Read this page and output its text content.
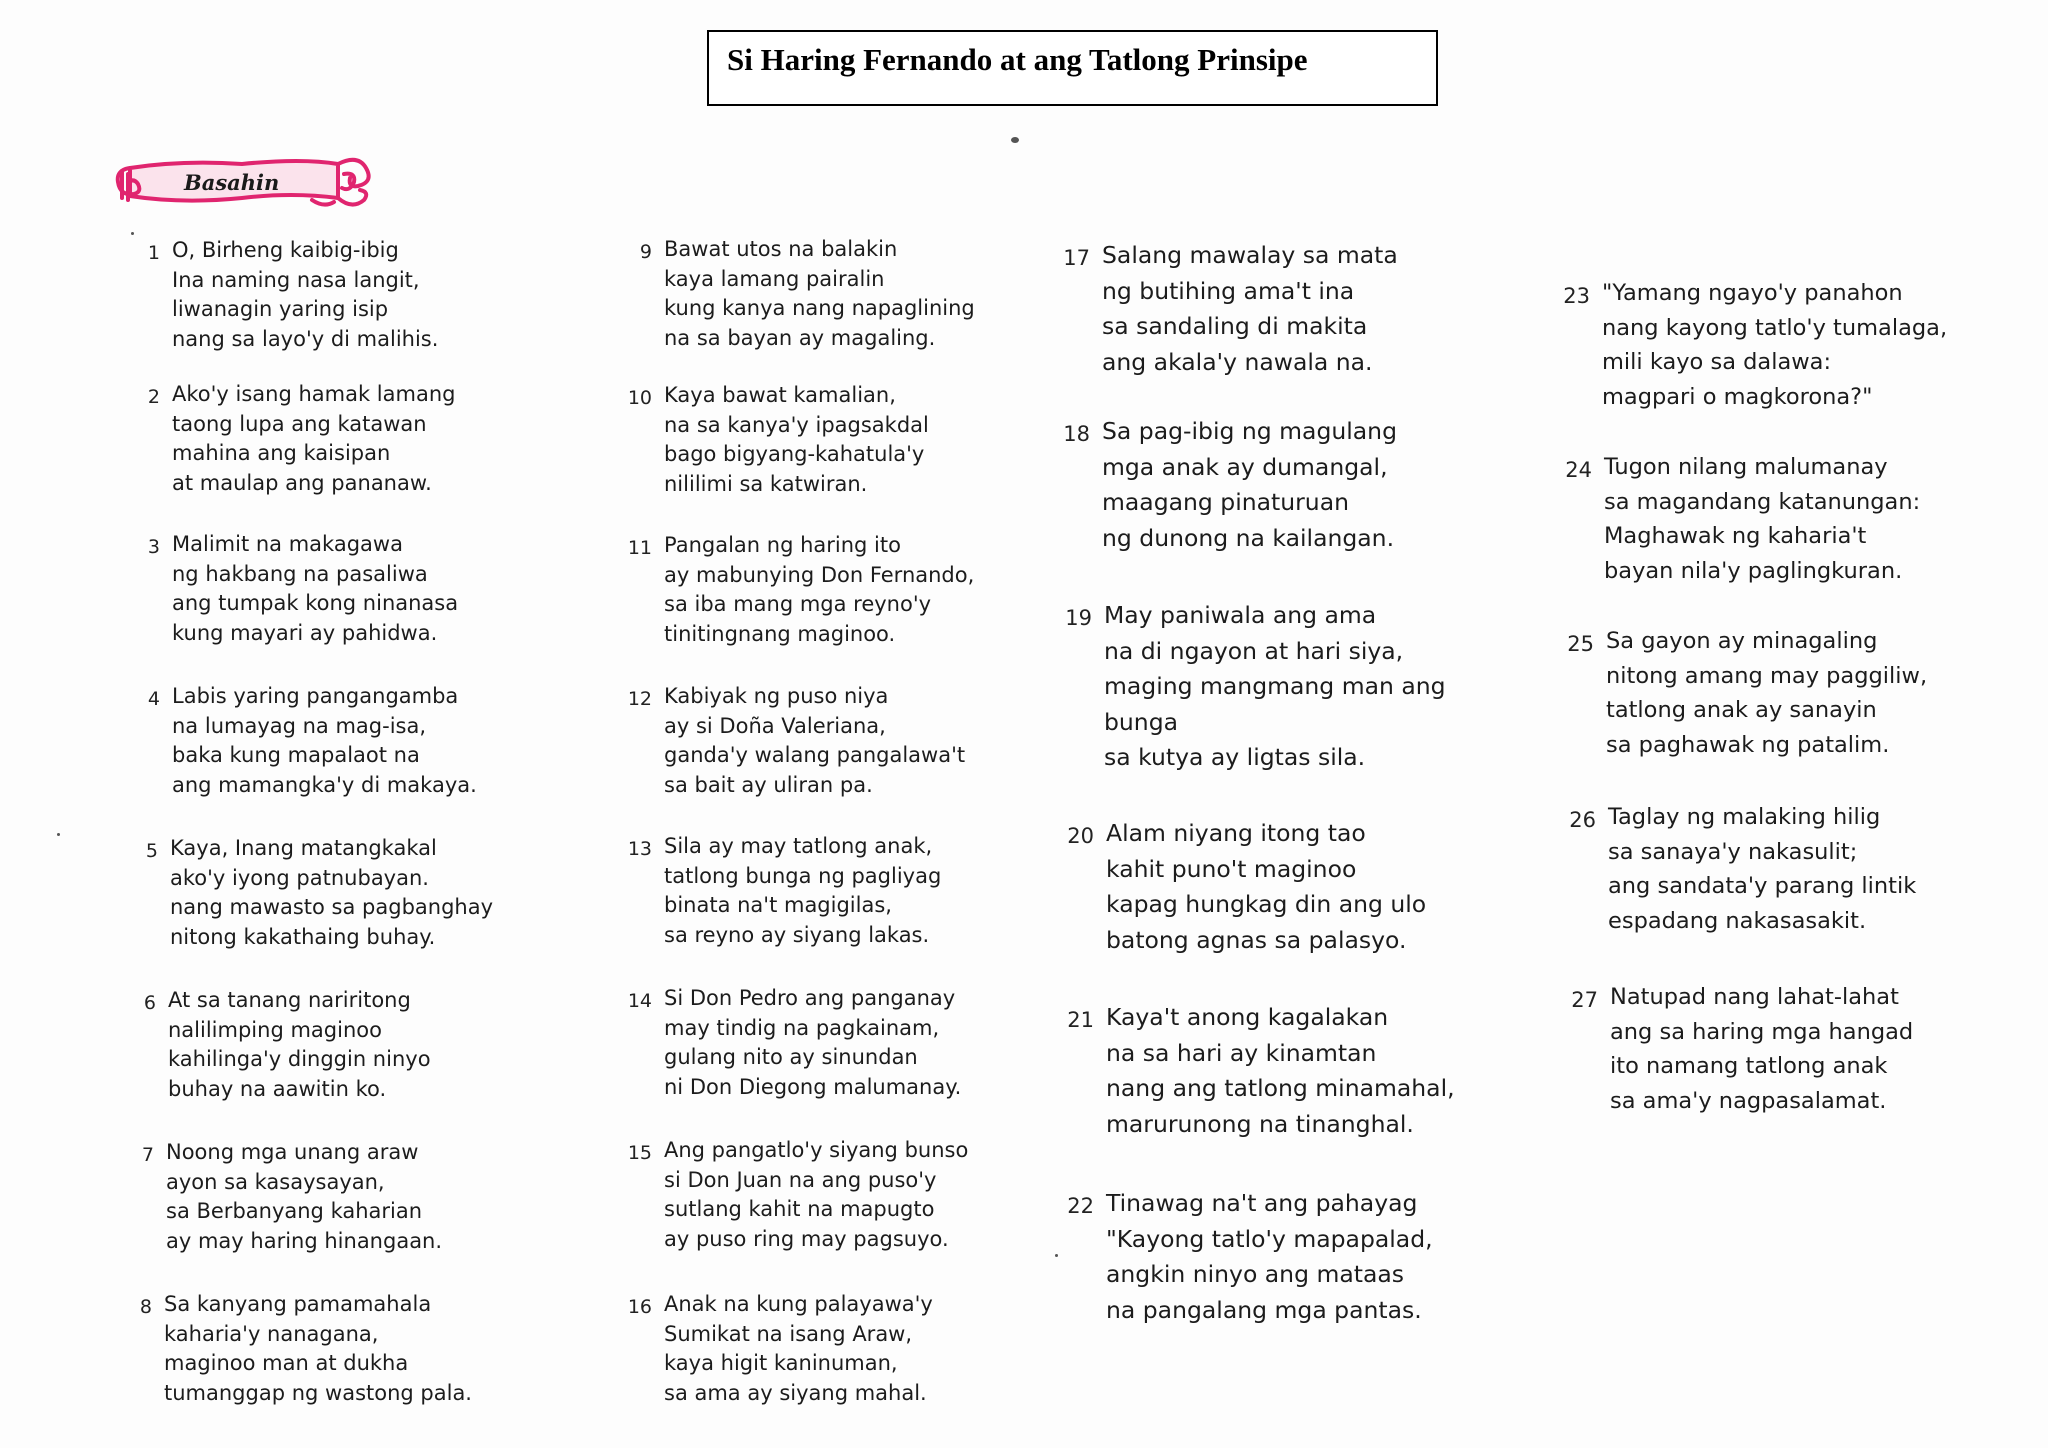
Si Haring Fernando at ang Tatlong Prinsipe
Basahin
1 O, Birheng kaibig-ibig
Ina naming nasa langit,
liwanagin yaring isip
nang sa layo'y di malihis.
2 Ako'y isang hamak lamang
taong lupa ang katawan
mahina ang kaisipan
at maulap ang pananaw.
3 Malimit na makagawa
ng hakbang na pasaliwa
ang tumpak kong ninanasa
kung mayari ay pahidwa.
4 Labis yaring pangangamba
na lumayag na mag-isa,
baka kung mapalaot na
ang mamangka'y di makaya.
5 Kaya, Inang matangkakal
ako'y iyong patnubayan.
nang mawasto sa pagbanghay
nitong kakathaing buhay.
6 At sa tanang nariritong
nalilimping maginoo
kahilinga'y dinggin ninyo
buhay na aawitin ko.
7 Noong mga unang araw
ayon sa kasaysayan,
sa Berbanyang kaharian
ay may haring hinangaan.
8 Sa kanyang pamamahala
kaharia'y nanagana,
maginoo man at dukha
tumanggap ng wastong pala.
9 Bawat utos na balakin
kaya lamang pairalin
kung kanya nang napaglining
na sa bayan ay magaling.
10 Kaya bawat kamalian,
na sa kanya'y ipagsakdal
bago bigyang-kahatula'y
nililimi sa katwiran.
11 Pangalan ng haring ito
ay mabunying Don Fernando,
sa iba mang mga reyno'y
tinitingnang maginoo.
12 Kabiyak ng puso niya
ay si Doña Valeriana,
ganda'y walang pangalawa't
sa bait ay uliran pa.
13 Sila ay may tatlong anak,
tatlong bunga ng pagliyag
binata na't magigilas,
sa reyno ay siyang lakas.
14 Si Don Pedro ang panganay
may tindig na pagkainam,
gulang nito ay sinundan
ni Don Diegong malumanay.
15 Ang pangatlo'y siyang bunso
si Don Juan na ang puso'y
sutlang kahit na mapugto
ay puso ring may pagsuyo.
16 Anak na kung palayawa'y
Sumikat na isang Araw,
kaya higit kaninuman,
sa ama ay siyang mahal.
17 Salang mawalay sa mata
ng butihing ama't ina
sa sandaling di makita
ang akala'y nawala na.
18 Sa pag-ibig ng magulang
mga anak ay dumangal,
maagang pinaturuan
ng dunong na kailangan.
19 May paniwala ang ama
na di ngayon at hari siya,
maging mangmang man ang
bunga
sa kutya ay ligtas sila.
20 Alam niyang itong tao
kahit puno't maginoo
kapag hungkag din ang ulo
batong agnas sa palasyo.
21 Kaya't anong kagalakan
na sa hari ay kinamtan
nang ang tatlong minamahal,
marurunong na tinanghal.
22 Tinawag na't ang pahayag
"Kayong tatlo'y mapapalad,
angkin ninyo ang mataas
na pangalang mga pantas.
23 "Yamang ngayo'y panahon
nang kayong tatlo'y tumalaga,
mili kayo sa dalawa:
magpari o magkorona?"
24 Tugon nilang malumanay
sa magandang katanungan:
Maghawak ng kaharia't
bayan nila'y paglingkuran.
25 Sa gayon ay minagaling
nitong amang may paggiliw,
tatlong anak ay sanayin
sa paghawak ng patalim.
26 Taglay ng malaking hilig
sa sanaya'y nakasulit;
ang sandata'y parang lintik
espadang nakasasakit.
27 Natupad nang lahat-lahat
ang sa haring mga hangad
ito namang tatlong anak
sa ama'y nagpasalamat.
